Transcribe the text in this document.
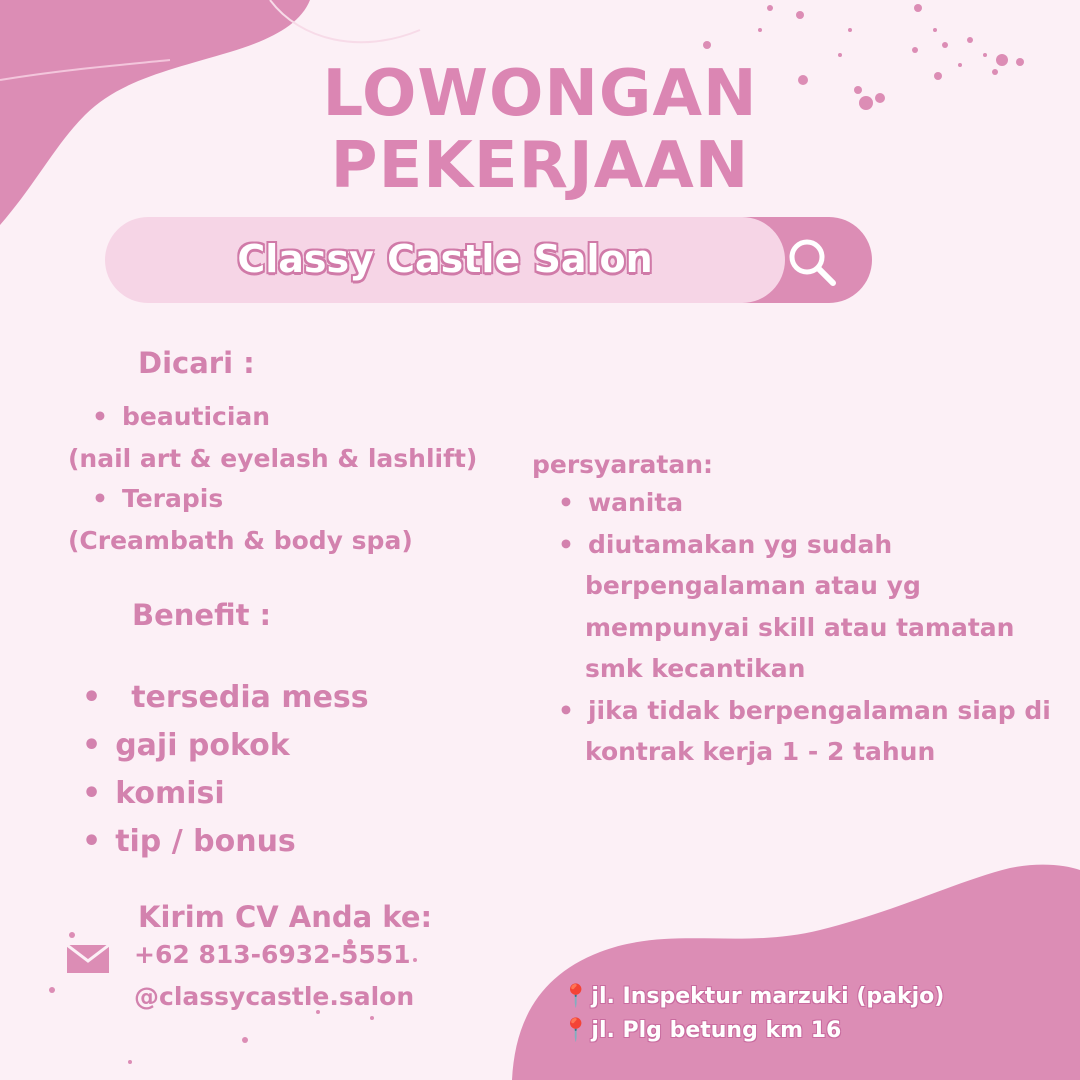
LOWONGAN
PEKERJAAN
Classy Castle Salon
Dicari :
• beautician
(nail art & eyelash & lashlift)
• Terapis
(Creambath & body spa)
Benefit :
• tersedia mess
• gaji pokok
• komisi
• tip / bonus
persyaratan:
• wanita
• diutamakan yg sudah
berpengalaman atau yg
mempunyai skill atau tamatan
smk kecantikan
• jika tidak berpengalaman siap di
kontrak kerja 1 - 2 tahun
Kirim CV Anda ke:
+62 813-6932-5551
@classycastle.salon	📍jl. Inspektur marzuki (pakjo)
📍jl. Plg betung km 16
